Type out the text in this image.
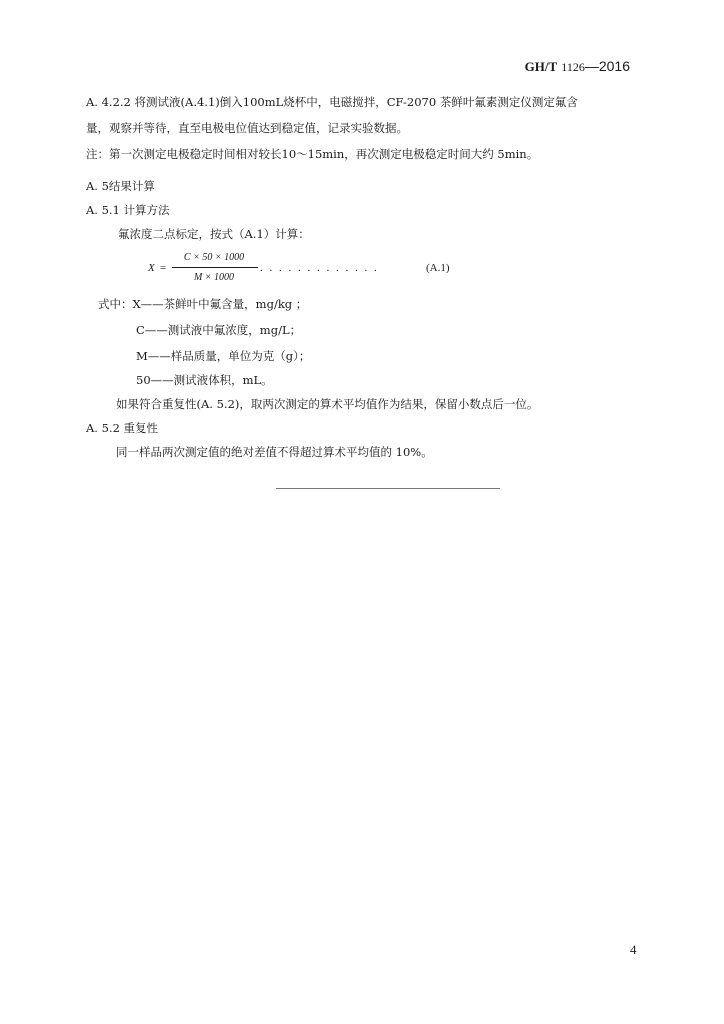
GH/T 1126—2016
A. 4.2.2 将测试液(A.4.1)倒入100mL烧杯中，电磁搅拌，CF-2070 茶鲜叶氟素测定仪测定氟含
量，观察并等待，直至电极电位值达到稳定值，记录实验数据。
注：第一次测定电极稳定时间相对较长10～15min，再次测定电极稳定时间大约 5min。
A. 5结果计算
A. 5.1 计算方法
氟浓度二点标定，按式（A.1）计算：
X =
C × 50 × 1000
M × 1000
. . . . . . . . . . . . .	(A.1)
式中：X——茶鲜叶中氟含量，mg/kg ；
C——测试液中氟浓度，mg/L；
M——样品质量，单位为克（g）；
50——测试液体积，mL。
如果符合重复性(A. 5.2)，取两次测定的算术平均值作为结果，保留小数点后一位。
A. 5.2 重复性
同一样品两次测定值的绝对差值不得超过算术平均值的 10%。
4
